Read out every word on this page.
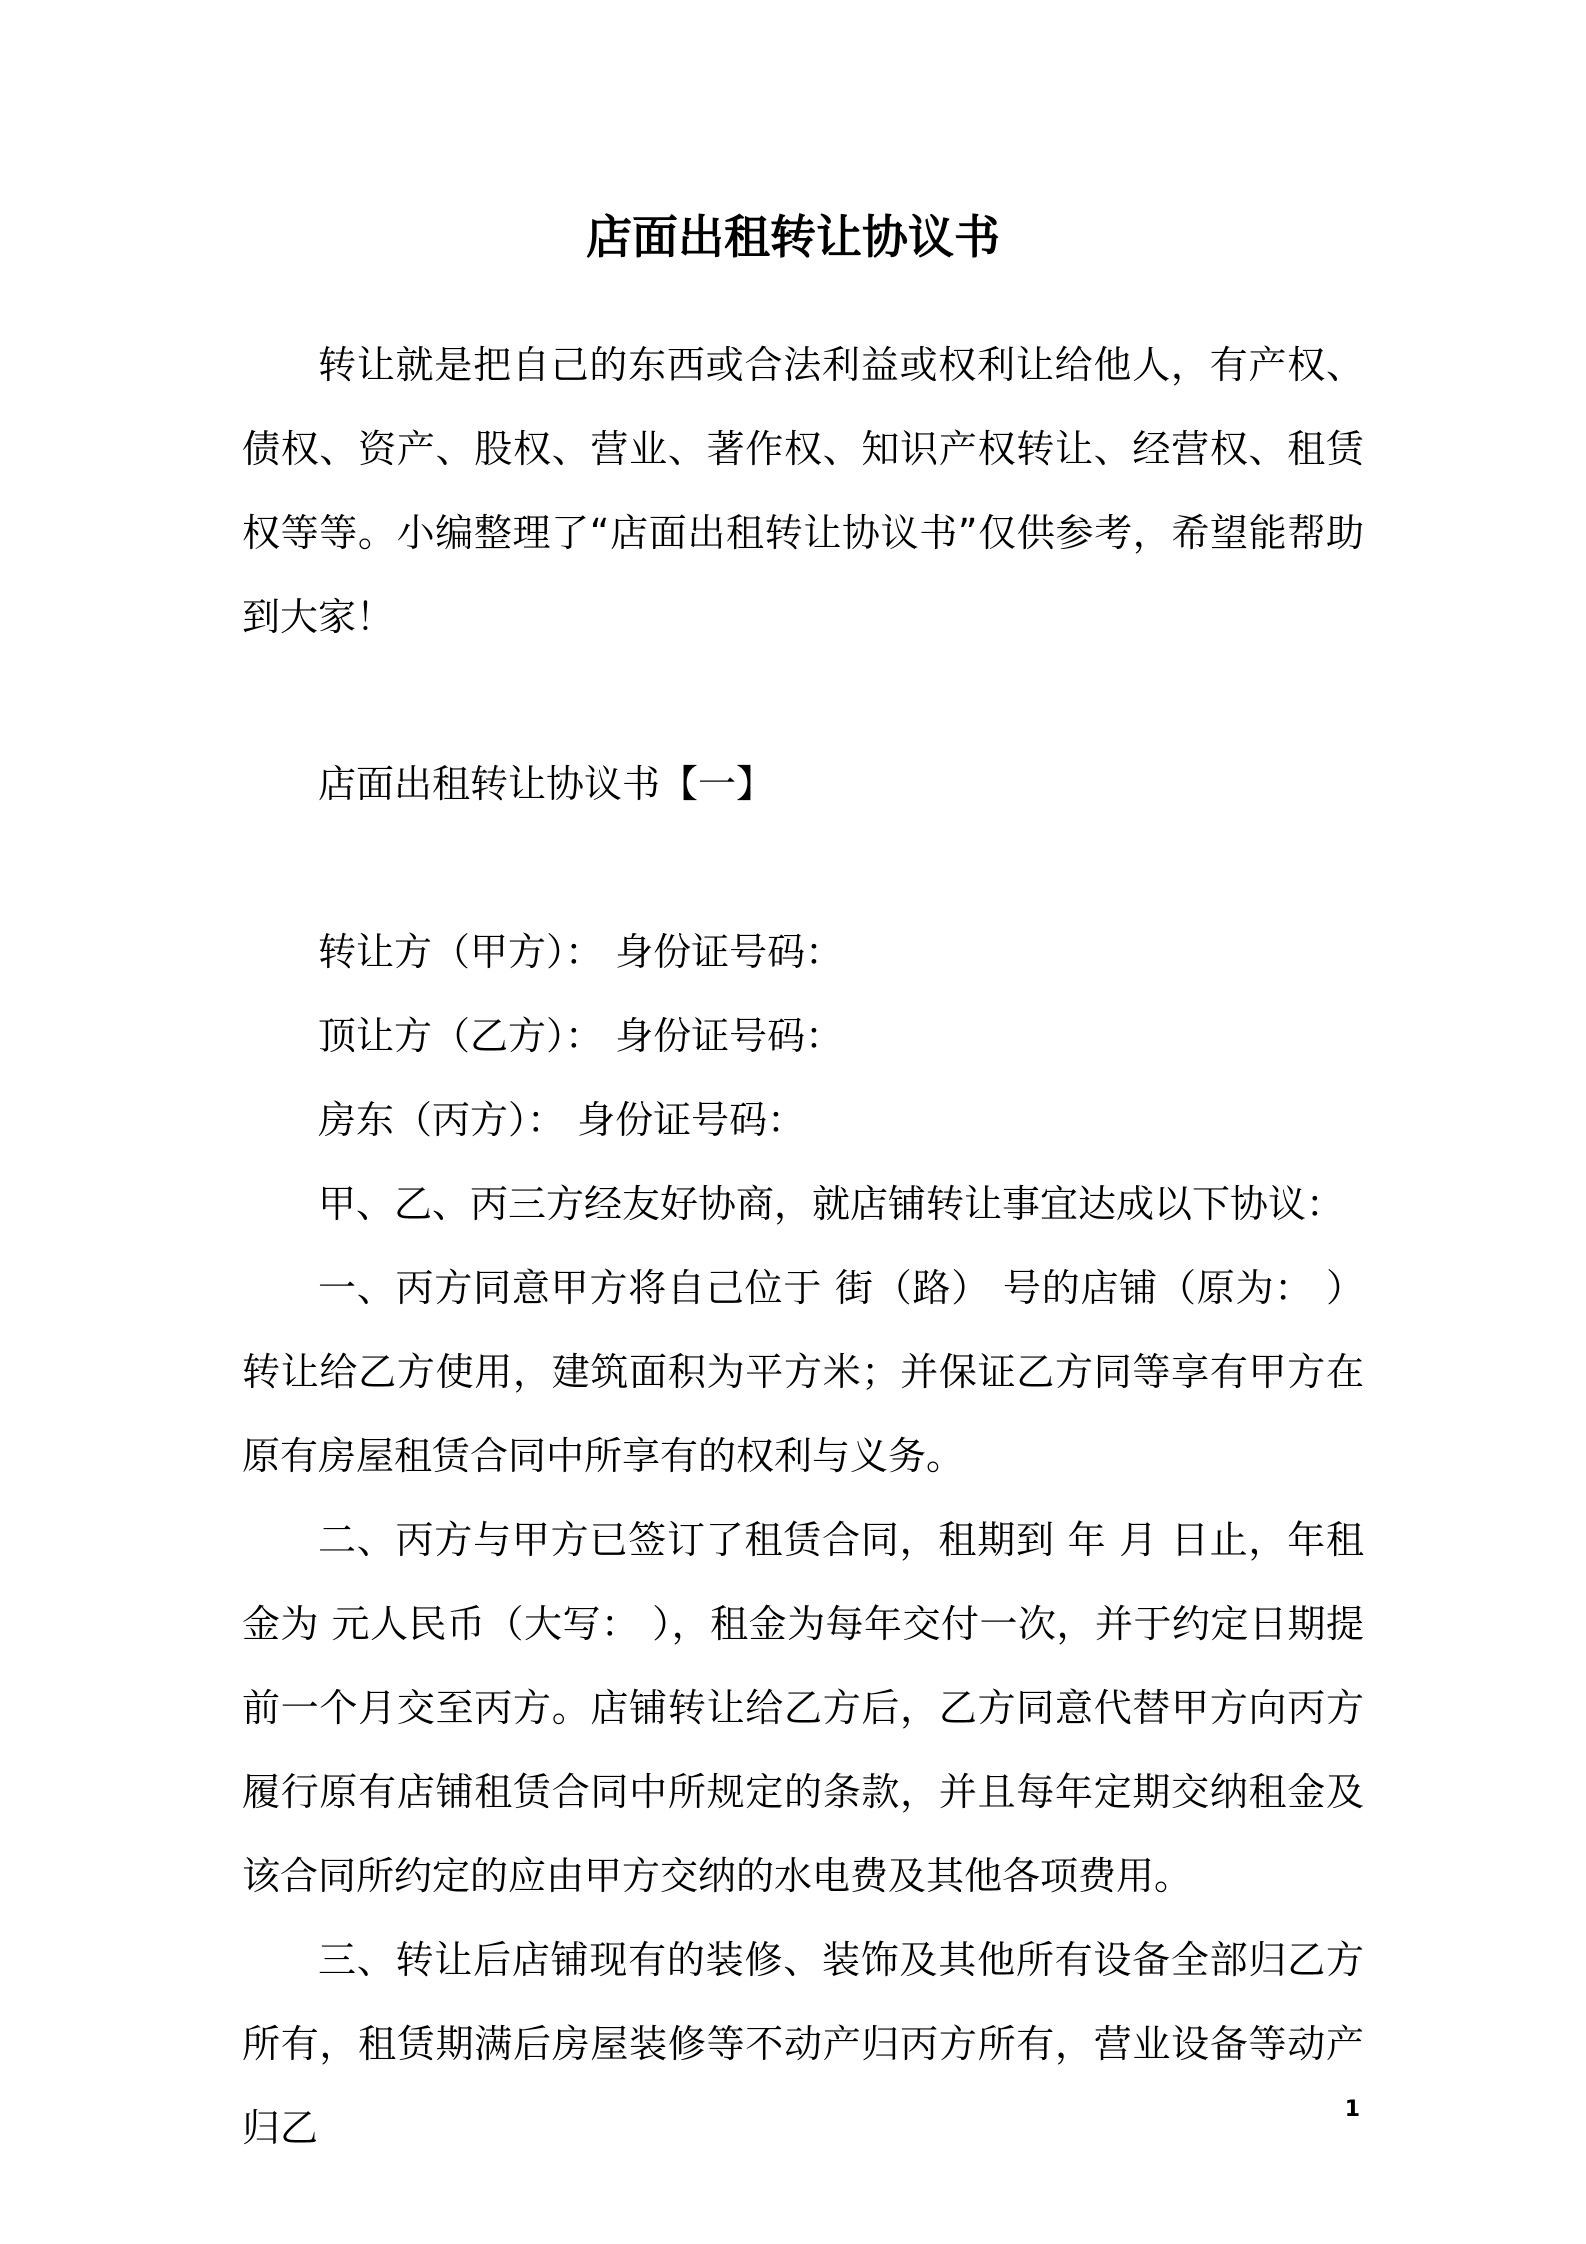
店面出租转让协议书

转让就是把自己的东西或合法利益或权利让给他人，有产权、债权、资产、股权、营业、著作权、知识产权转让、经营权、租赁权等等。小编整理了“店面出租转让协议书”仅供参考，希望能帮助到大家！

店面出租转让协议书【一】

转让方（甲方）： 身份证号码：

顶让方（乙方）： 身份证号码：

房东（丙方）： 身份证号码：

甲、乙、丙三方经友好协商，就店铺转让事宜达成以下协议：

一、丙方同意甲方将自己位于 街（路） 号的店铺（原为： ）转让给乙方使用，建筑面积为平方米；并保证乙方同等享有甲方在原有房屋租赁合同中所享有的权利与义务。

二、丙方与甲方已签订了租赁合同，租期到 年 月 日止，年租金为 元人民币（大写： ），租金为每年交付一次，并于约定日期提前一个月交至丙方。店铺转让给乙方后，乙方同意代替甲方向丙方履行原有店铺租赁合同中所规定的条款，并且每年定期交纳租金及该合同所约定的应由甲方交纳的水电费及其他各项费用。

三、转让后店铺现有的装修、装饰及其他所有设备全部归乙方所有，租赁期满后房屋装修等不动产归丙方所有，营业设备等动产归乙	1
